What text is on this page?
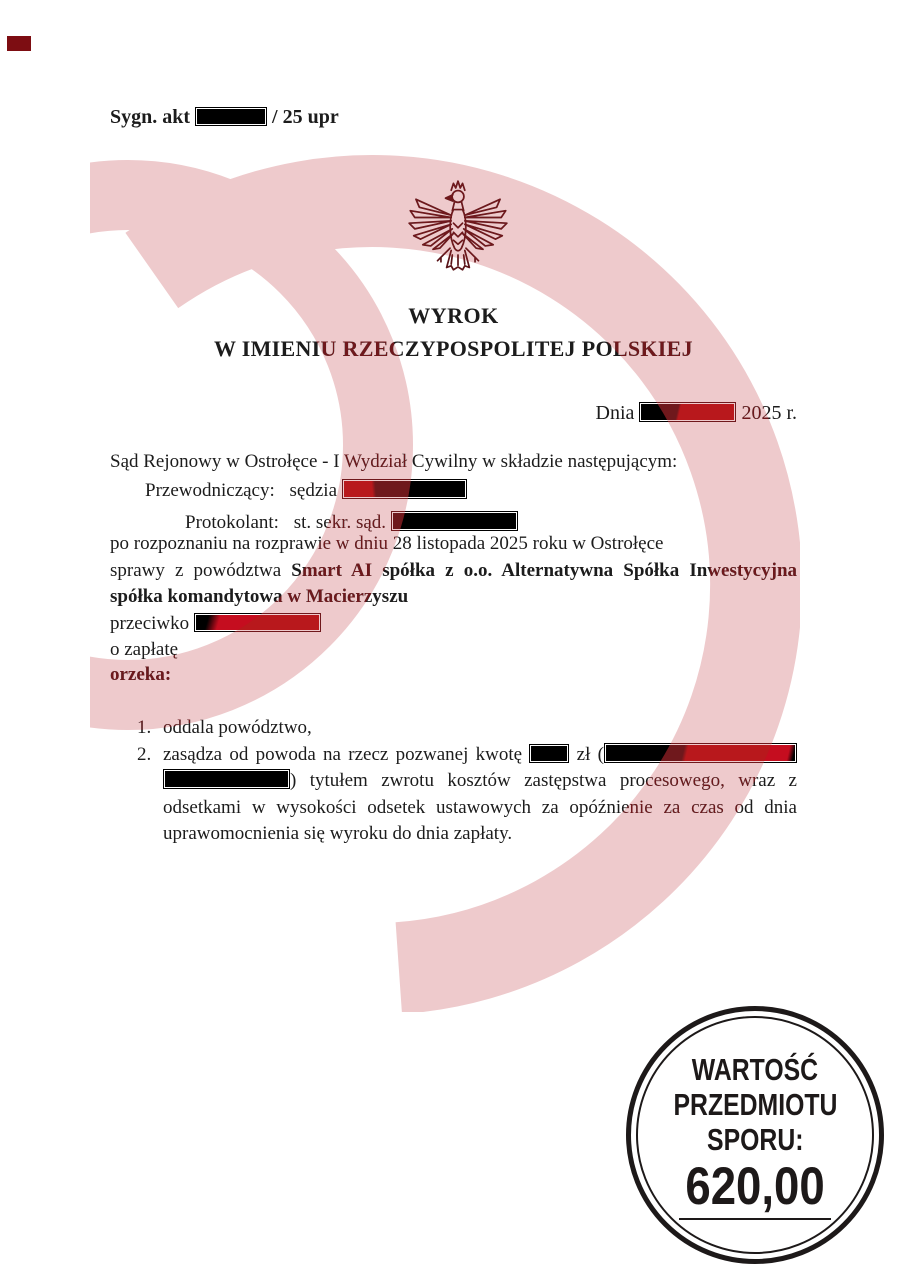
Sygn. akt	/ 25 upr
WYROK
W IMIENIU RZECZYPOSPOLITEJ POLSKIEJ
Dnia	2025 r.
Sąd Rejonowy w Ostrołęce - I Wydział Cywilny w składzie następującym:
Przewodniczący: sędzia
Protokolant: st. sekr. sąd.
po rozpoznaniu na rozprawie w dniu 28 listopada 2025 roku w Ostrołęce
sprawy z powództwa Smart AI spółka z o.o. Alternatywna Spółka Inwestycyjna
spółka komandytowa w Macierzyszu
przeciwko
o zapłatę
orzeka:
1. oddala powództwo,
2. zasądza od powoda na rzecz pozwanej kwotę	zł (
) tytułem zwrotu kosztów zastępstwa procesowego, wraz z
odsetkami w wysokości odsetek ustawowych za opóźnienie za czas od dnia
uprawomocnienia się wyroku do dnia zapłaty.
WARTOŚĆ
PRZEDMIOTU
SPORU:
620,00
